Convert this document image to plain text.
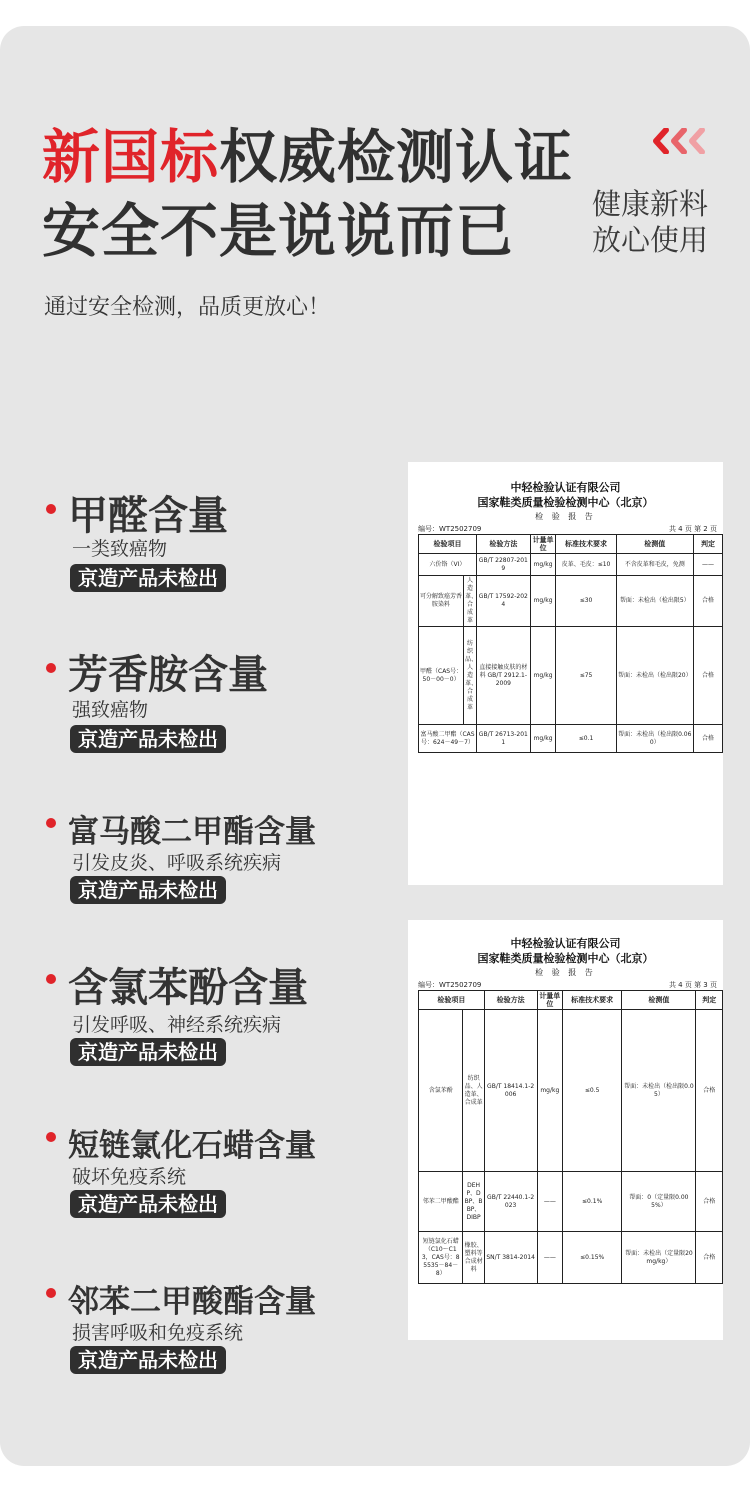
新国标权威检测认证
安全不是说说而已	健康新料
放心使用
通过安全检测，品质更放心！
甲醛含量
一类致癌物
京造产品未检出
芳香胺含量
强致癌物
京造产品未检出
富马酸二甲酯含量
引发皮炎、呼吸系统疾病
京造产品未检出
含氯苯酚含量
引发呼吸、神经系统疾病
京造产品未检出
短链氯化石蜡含量
破坏免疫系统
京造产品未检出
邻苯二甲酸酯含量
损害呼吸和免疫系统
京造产品未检出
中轻检验认证有限公司
国家鞋类质量检验检测中心（北京）
检 验 报 告
编号：WT2502709	共 4 页 第 2 页
检验项目		检验方法	计量单位	标准技术要求	检测值	判定
六价铬（VI）		GB/T 22807-2019	mg/kg	皮革、毛皮：≤10	不含皮革和毛皮，免测	——
可分解致癌芳香胺染料	人造革、合成革	GB/T 17592-2024	mg/kg	≤30	帮面：未检出（检出限5）	合格
甲醛（CAS号：50－00－0）	纺织品、人造革、合成革	直接接触皮肤的材料 GB/T 2912.1-2009	mg/kg	≤75	帮面：未检出（检出限20）	合格
富马酸二甲酯（CAS号：624－49－7）		GB/T 26713-2011	mg/kg	≤0.1	帮面：未检出（检出限0.060）	合格
中轻检验认证有限公司
国家鞋类质量检验检测中心（北京）
检 验 报 告
编号：WT2502709	共 4 页 第 3 页
检验项目		检验方法	计量单位	标准技术要求	检测值	判定
含氯苯酚	纺织品、人造革、合成革	GB/T 18414.1-2006	mg/kg	≤0.5	帮面：未检出（检出限0.05）	合格
邻苯二甲酸酯	DEHP、DBP、BBP、DIBP	GB/T 22440.1-2023	——	≤0.1%	帮面：0（定量限0.005%）	合格
短链氯化石蜡（C10～C13，CAS号：85535－84－8）	橡胶、塑料等合成材料	SN/T 3814-2014	——	≤0.15%	帮面：未检出（定量限20mg/kg）	合格
